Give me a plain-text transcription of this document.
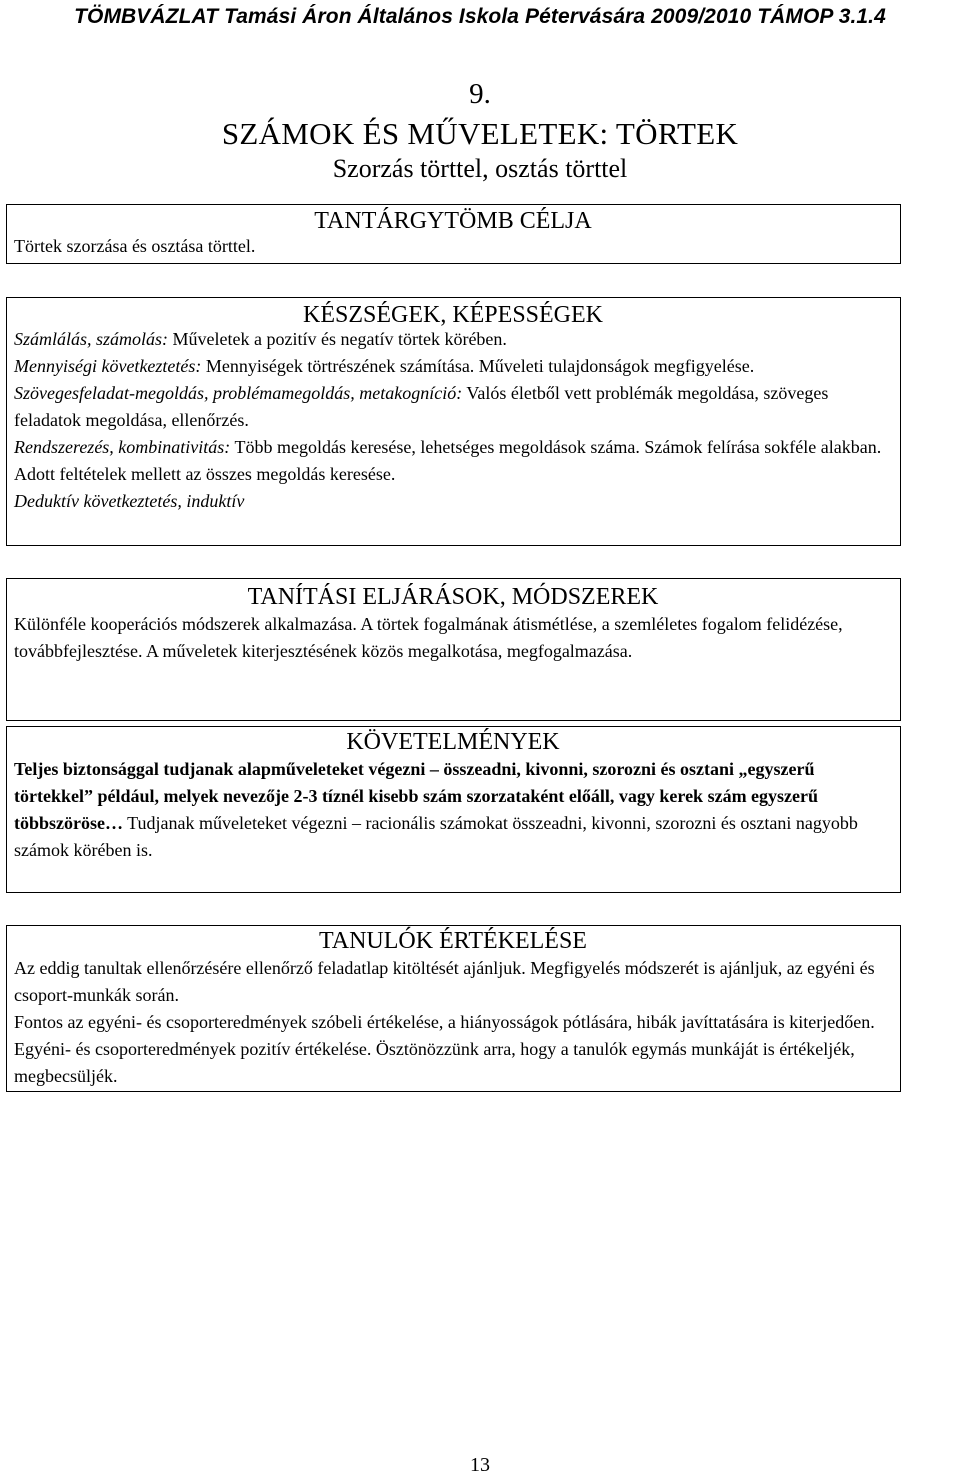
TÖMBVÁZLAT Tamási Áron Általános Iskola Pétervására 2009/2010 TÁMOP 3.1.4
9.
SZÁMOK ÉS MŰVELETEK: TÖRTEK
Szorzás törttel, osztás törttel
TANTÁRGYTÖMB CÉLJA

Törtek szorzása és osztása törttel.

KÉSZSÉGEK, KÉPESSÉGEK

Számlálás, számolás: Műveletek a pozitív és negatív törtek körében.

Mennyiségi következtetés: Mennyiségek törtrészének számítása. Műveleti tulajdonságok megfigyelése.

Szövegesfeladat-megoldás, problémamegoldás, metakogníció: Valós életből vett problémák megoldása, szöveges feladatok megoldása, ellenőrzés.

Rendszerezés, kombinativitás: Több megoldás keresése, lehetséges megoldások száma. Számok felírása sokféle alakban. Adott feltételek mellett az összes megoldás keresése.

Deduktív következtetés, induktív

TANÍTÁSI ELJÁRÁSOK, MÓDSZEREK

Különféle kooperációs módszerek alkalmazása. A törtek fogalmának átismétlése, a szemléletes fogalom felidézése, továbbfejlesztése. A műveletek kiterjesztésének közös megalkotása, megfogalmazása.

KÖVETELMÉNYEK

Teljes biztonsággal tudjanak alapműveleteket végezni – összeadni, kivonni, szorozni és osztani „egyszerű törtekkel” például, melyek nevezője 2-3 tíznél kisebb szám szorzataként előáll, vagy kerek szám egyszerű többszöröse… Tudjanak műveleteket végezni – racionális számokat összeadni, kivonni, szorozni és osztani nagyobb számok körében is.

TANULÓK ÉRTÉKELÉSE

Az eddig tanultak ellenőrzésére ellenőrző feladatlap kitöltését ajánljuk. Megfigyelés módszerét is ajánljuk, az egyéni és csoport-munkák során.

Fontos az egyéni- és csoporteredmények szóbeli értékelése, a hiányosságok pótlására, hibák javíttatására is kiterjedően. Egyéni- és csoporteredmények pozitív értékelése. Ösztönözzünk arra, hogy a tanulók egymás munkáját is értékeljék, megbecsüljék.

13
